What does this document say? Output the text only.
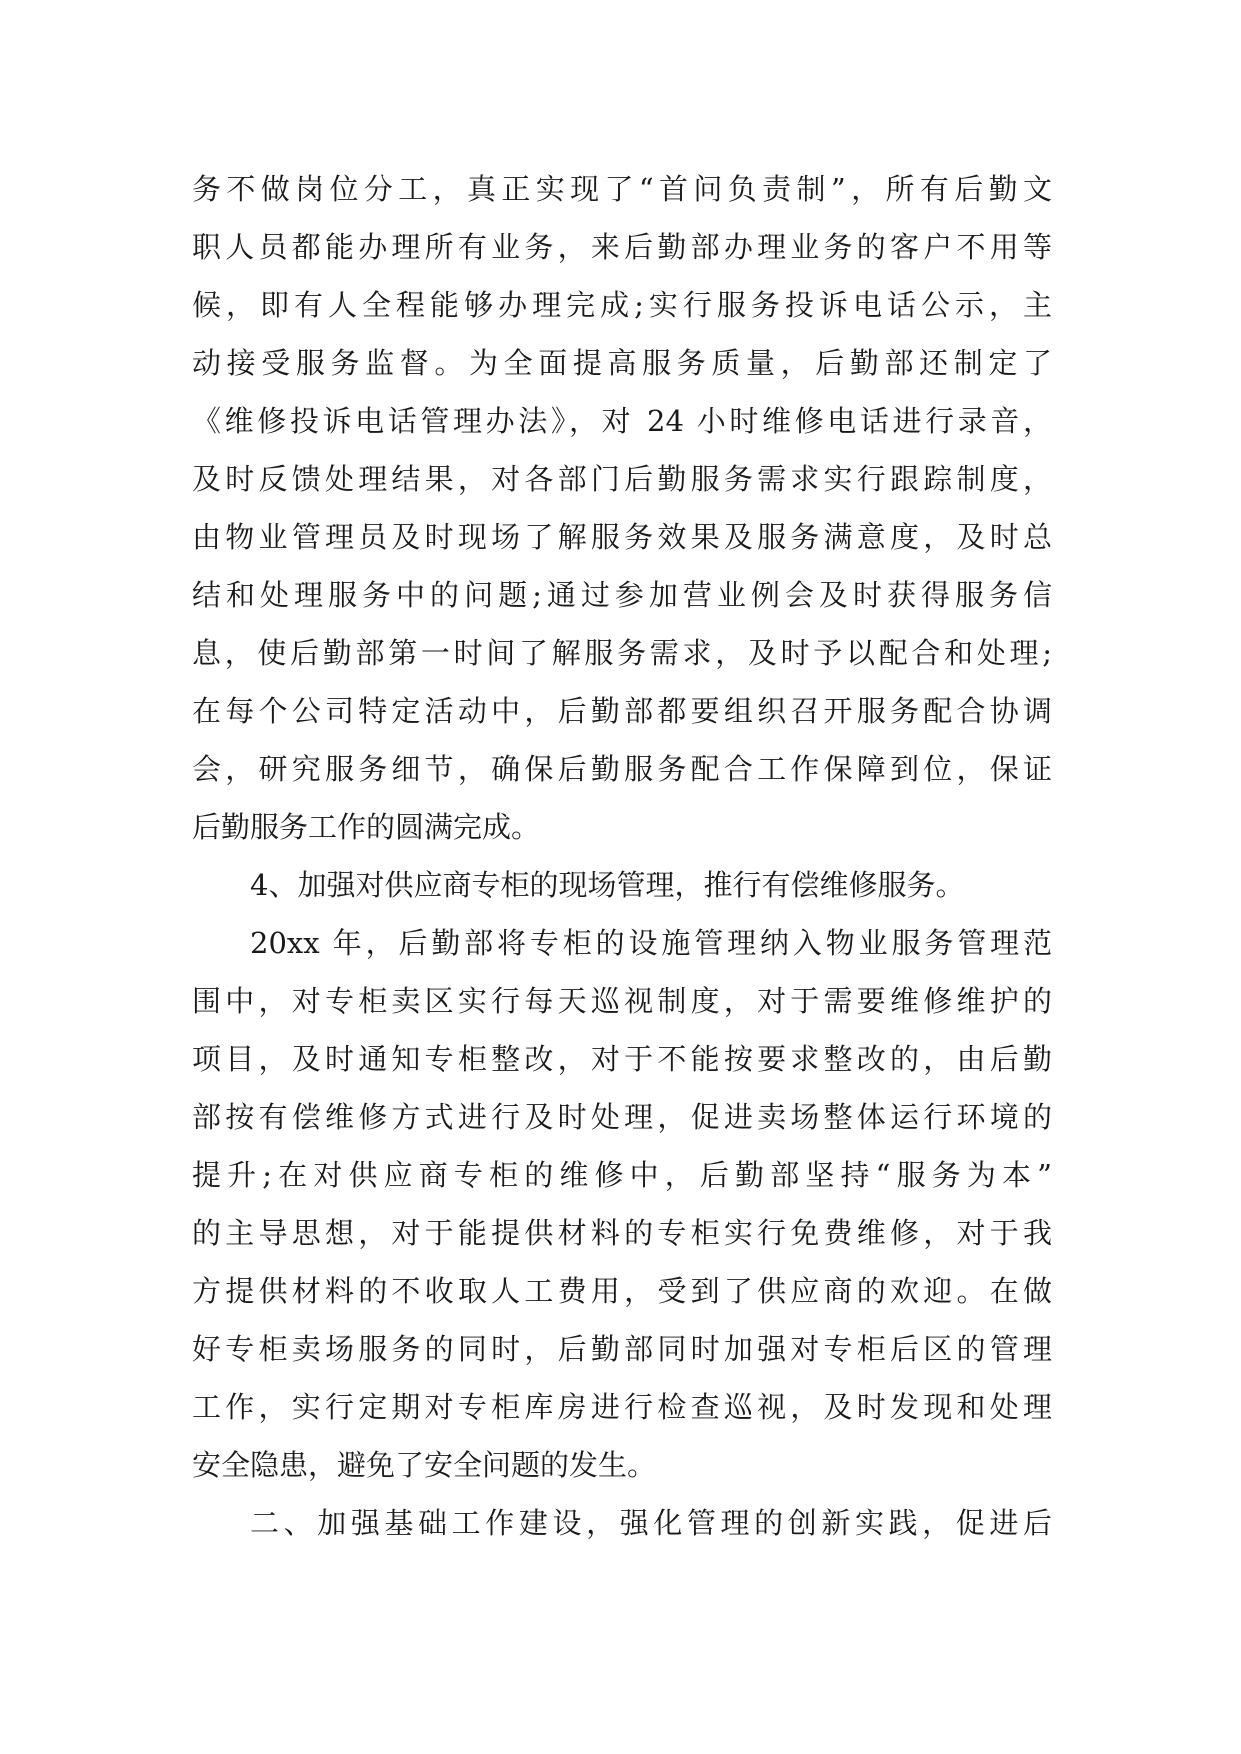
务不做岗位分工，真正实现了“首问负责制”，所有后勤文
职人员都能办理所有业务，来后勤部办理业务的客户不用等
候，即有人全程能够办理完成;实行服务投诉电话公示，主
动接受服务监督。为全面提高服务质量，后勤部还制定了
《维修投诉电话管理办法》，对 24 小时维修电话进行录音，
及时反馈处理结果，对各部门后勤服务需求实行跟踪制度，
由物业管理员及时现场了解服务效果及服务满意度，及时总
结和处理服务中的问题;通过参加营业例会及时获得服务信
息，使后勤部第一时间了解服务需求，及时予以配合和处理;
在每个公司特定活动中，后勤部都要组织召开服务配合协调
会，研究服务细节，确保后勤服务配合工作保障到位，保证
后勤服务工作的圆满完成。
4、加强对供应商专柜的现场管理，推行有偿维修服务。
20xx 年，后勤部将专柜的设施管理纳入物业服务管理范
围中，对专柜卖区实行每天巡视制度，对于需要维修维护的
项目，及时通知专柜整改，对于不能按要求整改的，由后勤
部按有偿维修方式进行及时处理，促进卖场整体运行环境的
提升;在对供应商专柜的维修中，后勤部坚持“服务为本”
的主导思想，对于能提供材料的专柜实行免费维修，对于我
方提供材料的不收取人工费用，受到了供应商的欢迎。在做
好专柜卖场服务的同时，后勤部同时加强对专柜后区的管理
工作，实行定期对专柜库房进行检查巡视，及时发现和处理
安全隐患，避免了安全问题的发生。
二、加强基础工作建设，强化管理的创新实践，促进后
